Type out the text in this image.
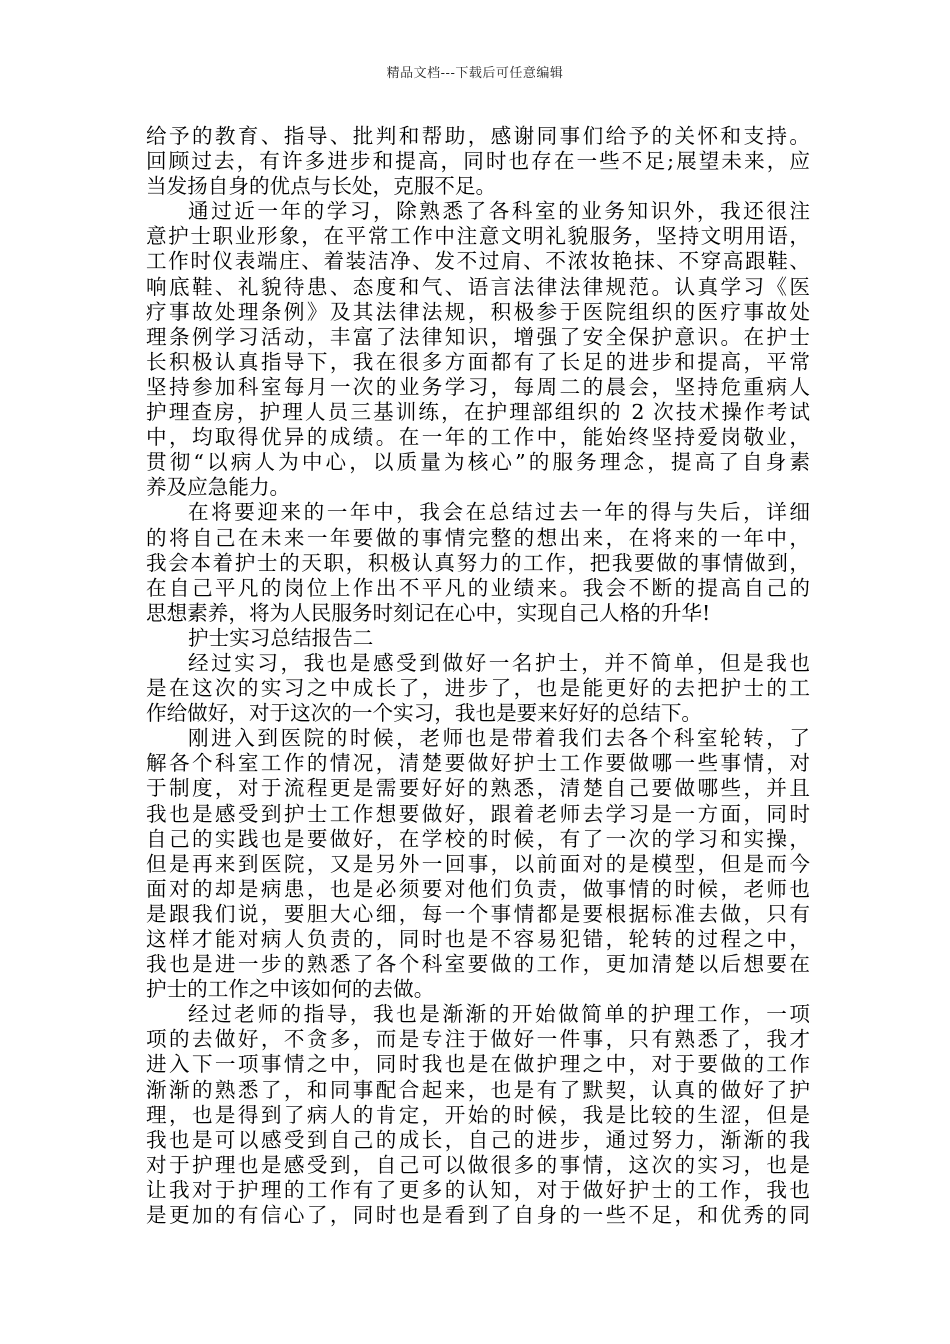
精品文档---下载后可任意编辑
给予的教育、指导、批判和帮助，感谢同事们给予的关怀和支持。
回顾过去，有许多进步和提高，同时也存在一些不足;展望未来，应
当发扬自身的优点与长处，克服不足。
通过近一年的学习，除熟悉了各科室的业务知识外，我还很注
意护士职业形象，在平常工作中注意文明礼貌服务，坚持文明用语，
工作时仪表端庄、着装洁净、发不过肩、不浓妆艳抹、不穿高跟鞋、
响底鞋、礼貌待患、态度和气、语言法律法律规范。认真学习《医
疗事故处理条例》及其法律法规，积极参于医院组织的医疗事故处
理条例学习活动，丰富了法律知识，增强了安全保护意识。在护士
长积极认真指导下，我在很多方面都有了长足的进步和提高，平常
坚持参加科室每月一次的业务学习，每周二的晨会，坚持危重病人
护理查房，护理人员三基训练，在护理部组织的 2 次技术操作考试
中，均取得优异的成绩。在一年的工作中，能始终坚持爱岗敬业，
贯彻“以病人为中心，以质量为核心”的服务理念，提高了自身素
养及应急能力。
在将要迎来的一年中，我会在总结过去一年的得与失后，详细
的将自己在未来一年要做的事情完整的想出来，在将来的一年中，
我会本着护士的天职，积极认真努力的工作，把我要做的事情做到，
在自己平凡的岗位上作出不平凡的业绩来。我会不断的提高自己的
思想素养，将为人民服务时刻记在心中，实现自己人格的升华!
护士实习总结报告二
经过实习，我也是感受到做好一名护士，并不简单，但是我也
是在这次的实习之中成长了，进步了，也是能更好的去把护士的工
作给做好，对于这次的一个实习，我也是要来好好的总结下。
刚进入到医院的时候，老师也是带着我们去各个科室轮转，了
解各个科室工作的情况，清楚要做好护士工作要做哪一些事情，对
于制度，对于流程更是需要好好的熟悉，清楚自己要做哪些，并且
我也是感受到护士工作想要做好，跟着老师去学习是一方面，同时
自己的实践也是要做好，在学校的时候，有了一次的学习和实操，
但是再来到医院，又是另外一回事，以前面对的是模型，但是而今
面对的却是病患，也是必须要对他们负责，做事情的时候，老师也
是跟我们说，要胆大心细，每一个事情都是要根据标准去做，只有
这样才能对病人负责的，同时也是不容易犯错，轮转的过程之中，
我也是进一步的熟悉了各个科室要做的工作，更加清楚以后想要在
护士的工作之中该如何的去做。
经过老师的指导，我也是渐渐的开始做简单的护理工作，一项
项的去做好，不贪多，而是专注于做好一件事，只有熟悉了，我才
进入下一项事情之中，同时我也是在做护理之中，对于要做的工作
渐渐的熟悉了，和同事配合起来，也是有了默契，认真的做好了护
理，也是得到了病人的肯定，开始的时候，我是比较的生涩，但是
我也是可以感受到自己的成长，自己的进步，通过努力，渐渐的我
对于护理也是感受到，自己可以做很多的事情，这次的实习，也是
让我对于护理的工作有了更多的认知，对于做好护士的工作，我也
是更加的有信心了，同时也是看到了自身的一些不足，和优秀的同
